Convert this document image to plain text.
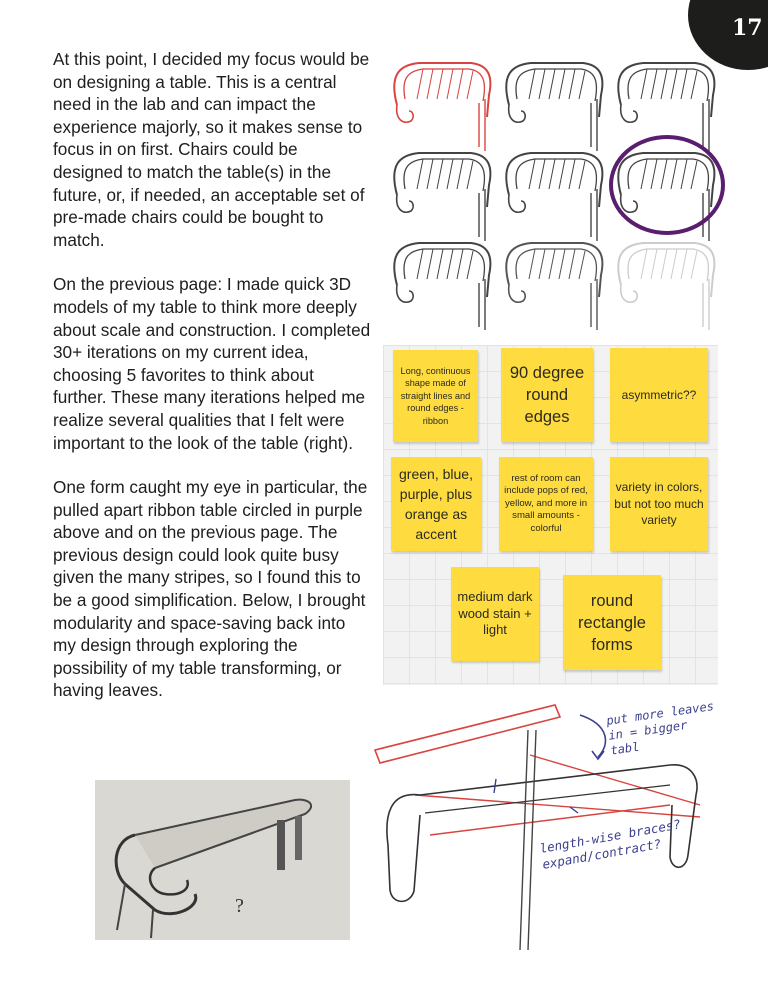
17

At this point, I decided my focus would be on designing a table. This is a central need in the lab and can impact the experience majorly, so it makes sense to focus in on first. Chairs could be designed to match the table(s) in the future, or, if needed, an acceptable set of pre-made chairs could be bought to match.

On the previous page: I made quick 3D models of my table to think more deeply about scale and construction. I completed 30+ iterations on my current idea, choosing 5 favorites to think about further. These many iterations helped me realize several qualities that I felt were important to the look of the table (right).

One form caught my eye in particular, the pulled apart ribbon table circled in purple above and on the previous page. The previous design could look quite busy given the many stripes, so I found this to be a good simplification. Below, I brought modularity and space-saving back into my design through exploring the possibility of my table transforming, or having leaves.

Long, continuous shape made of straight lines and round edges - ribbon
90 degree round edges
asymmetric??
green, blue, purple, plus orange as accent
rest of room can include pops of red, yellow, and more in small amounts - colorful
variety in colors, but not too much variety
medium dark wood stain + light
round rectangle forms
?
put more leaves in = bigger tabl
length-wise braces? expand/contract?
